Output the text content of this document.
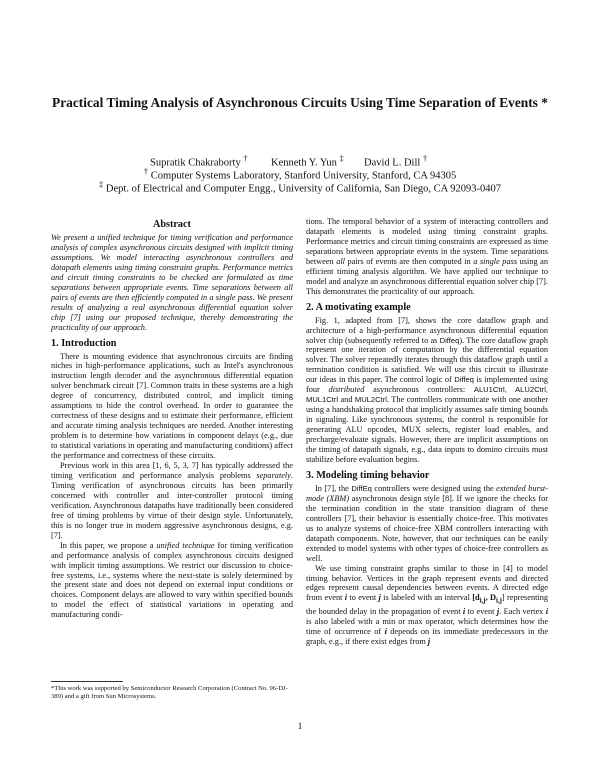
Practical Timing Analysis of Asynchronous Circuits Using Time Separation of Events *
Supratik Chakraborty † Kenneth Y. Yun ‡ David L. Dill †
† Computer Systems Laboratory, Stanford University, Stanford, CA 94305
‡ Dept. of Electrical and Computer Engg., University of California, San Diego, CA 92093-0407
Abstract

We present a unified technique for timing verification and performance analysis of complex asynchronous circuits designed with implicit timing assumptions. We model interacting asynchronous controllers and datapath elements using timing constraint graphs. Performance metrics and circuit timing constraints to be checked are formulated as time separations between appropriate events. Time separations between all pairs of events are then efficiently computed in a single pass. We present results of analyzing a real asynchronous differential equation solver chip [7] using our proposed technique, thereby demonstrating the practicality of our approach.

1. Introduction

There is mounting evidence that asynchronous circuits are finding niches in high-performance applications, such as Intel's asynchronous instruction length decoder and the asynchronous differential equation solver benchmark circuit [7]. Common traits in these systems are a high degree of concurrency, distributed control, and implicit timing assumptions to hide the control overhead. In order to guarantee the correctness of these designs and to estimate their performance, efficient and accurate timing analysis techniques are needed. Another interesting problem is to determine how variations in component delays (e.g., due to statistical variations in operating and manufacturing conditions) affect the performance and correctness of these circuits.

Previous work in this area [1, 6, 5, 3, 7] has typically addressed the timing verification and performance analysis problems separately. Timing verification of asynchronous circuits has been primarily concerned with controller and inter-controller protocol timing verification. Asynchronous datapaths have traditionally been considered free of timing problems by virtue of their design style. Unfortunately, this is no longer true in modern aggressive asynchronous designs, e.g. [7].

In this paper, we propose a unified technique for timing verification and performance analysis of complex asynchronous circuits designed with implicit timing assumptions. We restrict our discussion to choice-free systems, i.e., systems where the next-state is solely determined by the present state and does not depend on external input conditions or choices. Component delays are allowed to vary within specified bounds to model the effect of statistical variations in operating and manufacturing condi-

*This work was supported by Semiconductor Research Corporation (Contract No. 96-DJ-389) and a gift from Sun Microsystems.

tions. The temporal behavior of a system of interacting controllers and datapath elements is modeled using timing constraint graphs. Performance metrics and circuit timing constraints are expressed as time separations between appropriate events in the system. Time separations between all pairs of events are then computed in a single pass using an efficient timing analysis algorithm. We have applied our technique to model and analyze an asynchronous differential equation solver chip [7]. This demonstrates the practicality of our approach.

2. A motivating example

Fig. 1, adapted from [7], shows the core dataflow graph and architecture of a high-performance asynchronous differential equation solver chip (subsequently referred to as Diffeq). The core dataflow graph represent one iteration of computation by the differential equation solver. The solver repeatedly iterates through this dataflow graph until a termination condition is satisfied. We will use this circuit to illustrate our ideas in this paper. The control logic of Diffeq is implemented using four distributed asynchronous controllers: ALU1Ctrl, ALU2Ctrl, MUL1Ctrl and MUL2Ctrl. The controllers communicate with one another using a handshaking protocol that implicitly assumes safe timing bounds in signaling. Like synchronous systems, the control is responsible for generating ALU opcodes, MUX selects, register load enables, and precharge/evaluate signals. However, there are implicit assumptions on the timing of datapath signals, e.g., data inputs to domino circuits must stabilize before evaluation begins.

3. Modeling timing behavior

In [7], the DiffEq controllers were designed using the extended burst-mode (XBM) asynchronous design style [8]. If we ignore the checks for the termination condition in the state transition diagram of these controllers [7], their behavior is essentially choice-free. This motivates us to analyze systems of choice-free XBM controllers interacting with datapath components. Note, however, that our techniques can be easily extended to model systems with other types of choice-free controllers as well.

We use timing constraint graphs similar to those in [4] to model timing behavior. Vertices in the graph represent events and directed edges represent causal dependencies between events. A directed edge from event i to event j is labeled with an interval [$d_{i,j}$, $D_{i,j}$] representing the bounded delay in the propagation of event i to event j. Each vertex i is also labeled with a min or max operator, which determines how the time of occurrence of i depends on its immediate predecessors in the graph, e.g., if there exist edges from j

1
